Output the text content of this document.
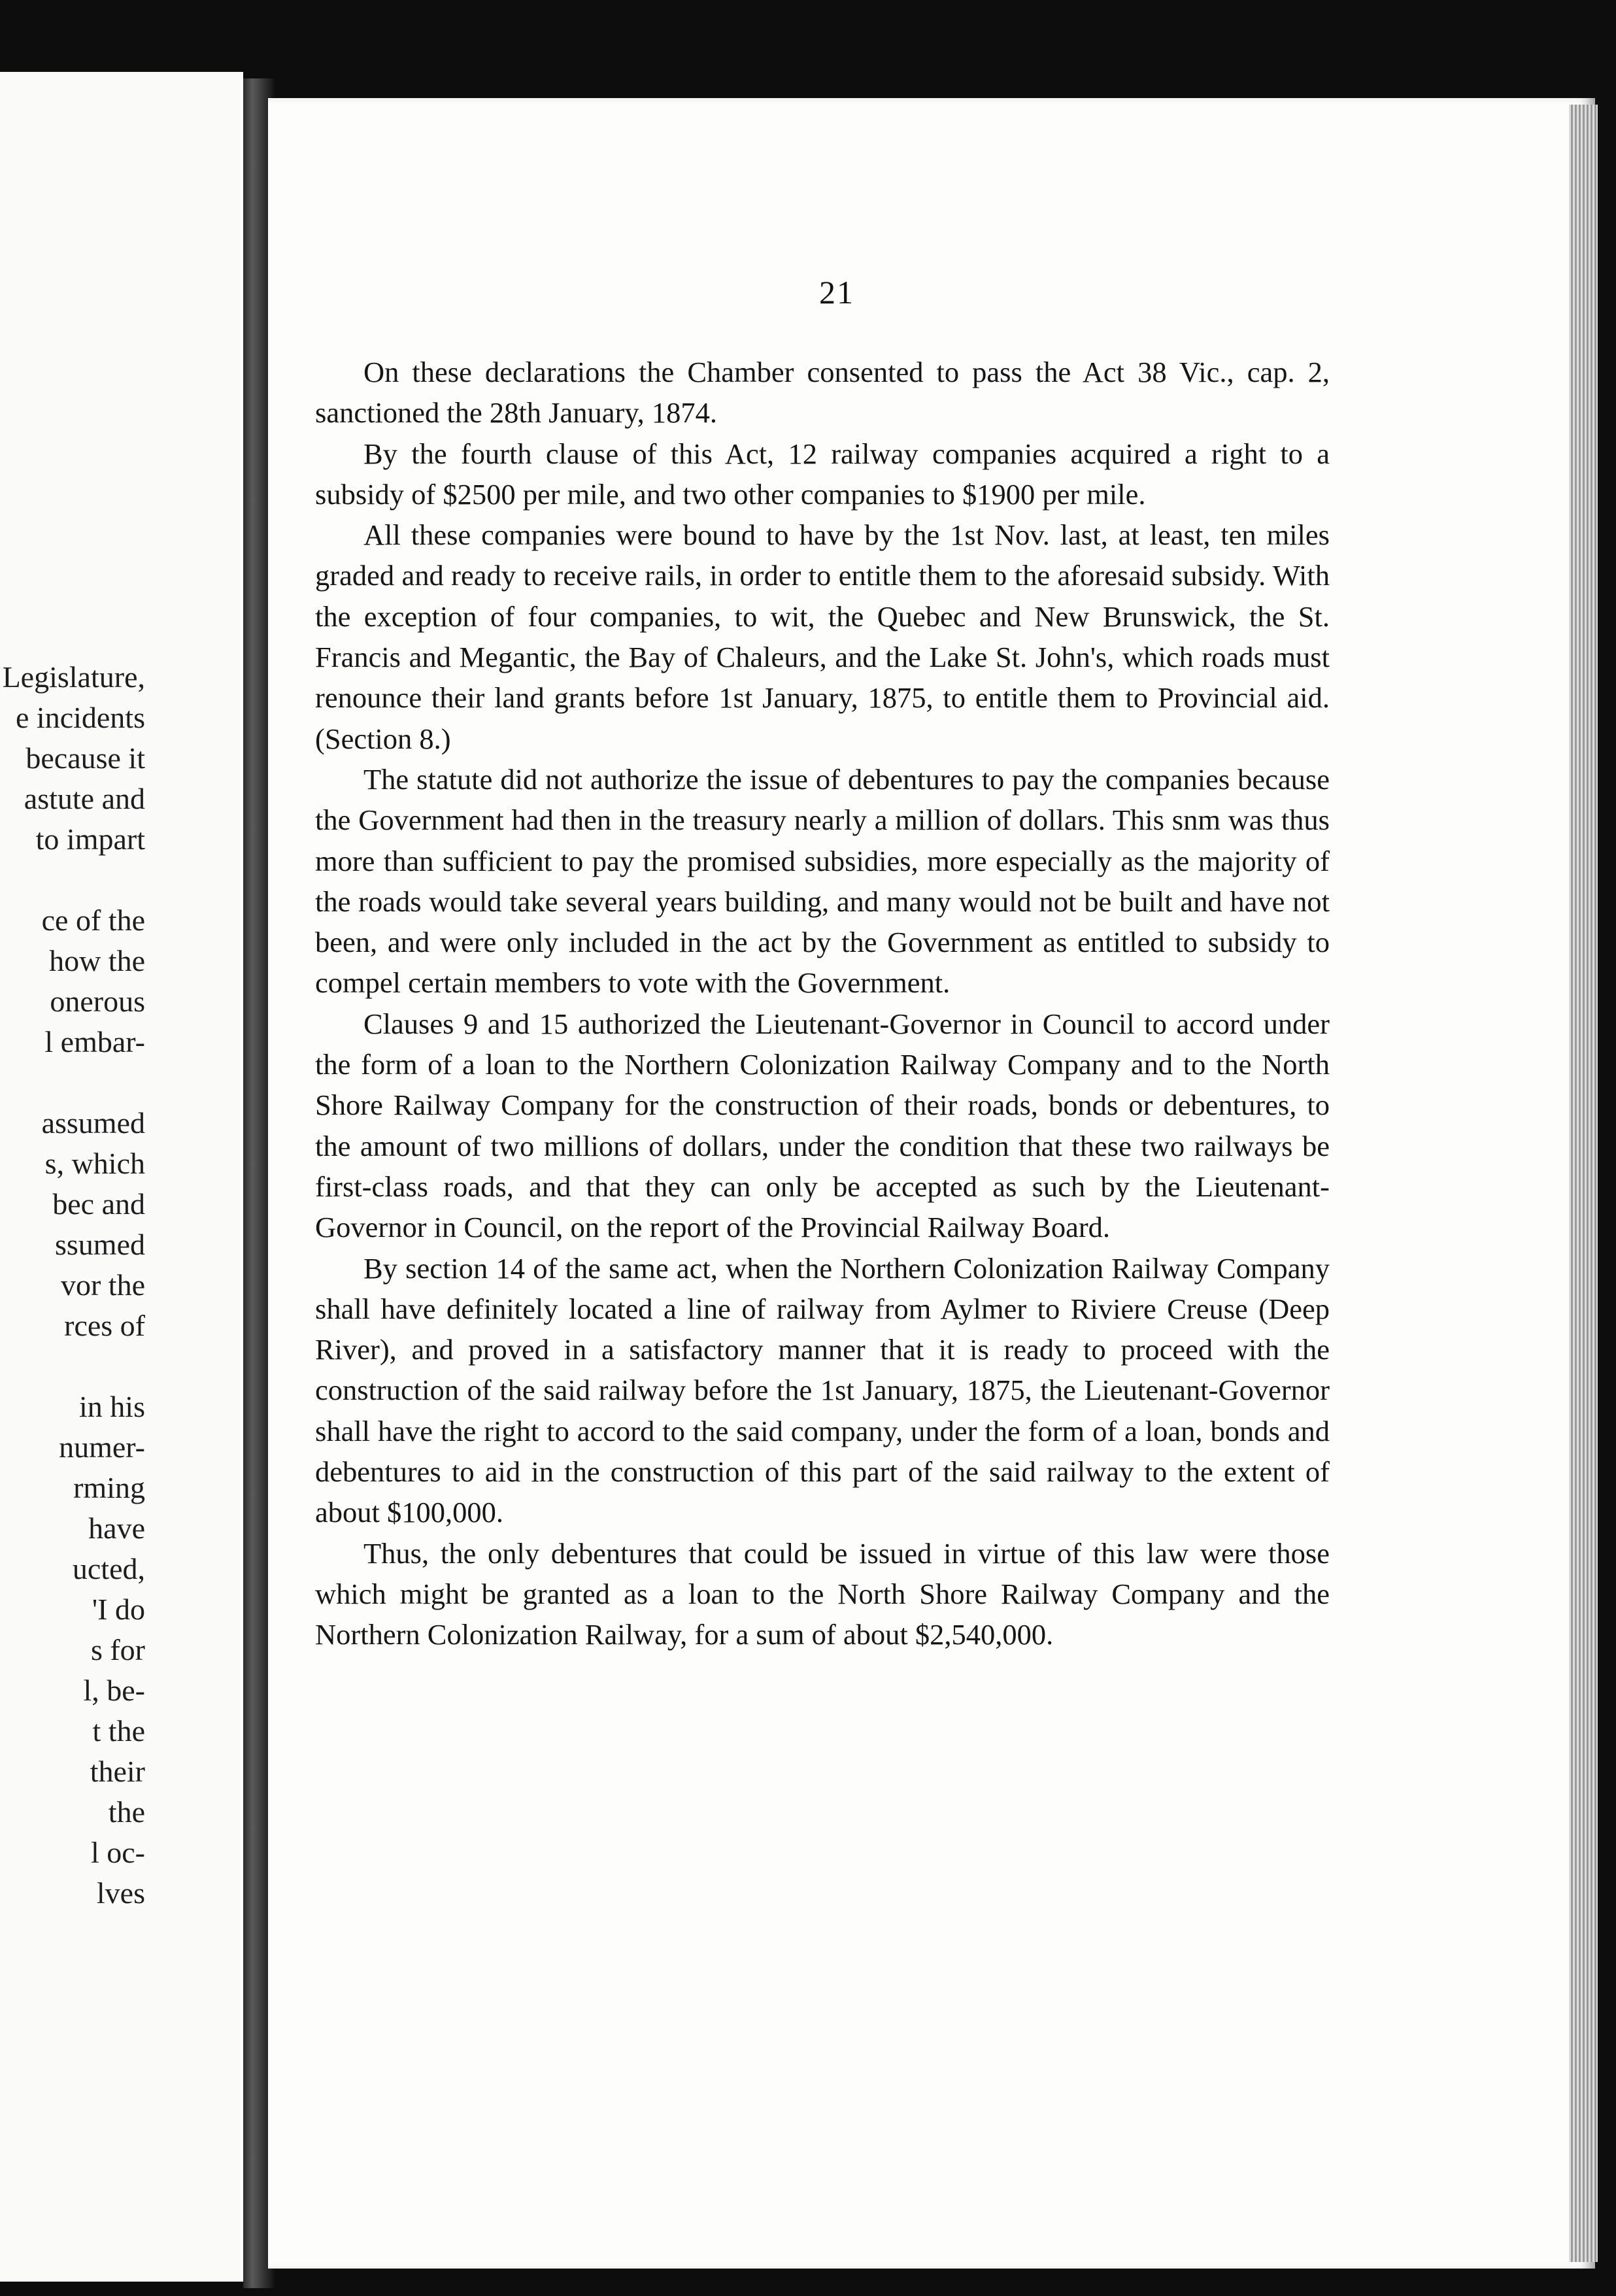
Legislature,
e incidents
because it
astute and
to impart
ce of the
how the
onerous
l embar-
assumed
s, which
bec and
ssumed
vor the
rces of
in his
numer-
rming
have
ucted,
'I do
s for
l, be-
t the
their
the
l oc-
lves
21

On these declarations the Chamber consented to pass the Act 38 Vic., cap. 2, sanctioned the 28th January, 1874.

By the fourth clause of this Act, 12 railway companies acquired a right to a subsidy of $2500 per mile, and two other companies to $1900 per mile.

All these companies were bound to have by the 1st Nov. last, at least, ten miles graded and ready to receive rails, in order to entitle them to the aforesaid subsidy. With the exception of four companies, to wit, the Quebec and New Brunswick, the St. Francis and Megantic, the Bay of Chaleurs, and the Lake St. John's, which roads must renounce their land grants before 1st January, 1875, to entitle them to Provincial aid. (Section 8.)

The statute did not authorize the issue of debentures to pay the companies because the Government had then in the treasury nearly a million of dollars. This snm was thus more than sufficient to pay the promised subsidies, more especially as the majority of the roads would take several years building, and many would not be built and have not been, and were only included in the act by the Government as entitled to subsidy to compel certain members to vote with the Government.

Clauses 9 and 15 authorized the Lieutenant-Governor in Council to accord under the form of a loan to the Northern Colonization Railway Company and to the North Shore Railway Company for the construction of their roads, bonds or debentures, to the amount of two millions of dollars, under the condition that these two railways be first-class roads, and that they can only be accepted as such by the Lieutenant-Governor in Council, on the report of the Provincial Railway Board.

By section 14 of the same act, when the Northern Colonization Railway Company shall have definitely located a line of railway from Aylmer to Riviere Creuse (Deep River), and proved in a satisfactory manner that it is ready to proceed with the construction of the said railway before the 1st January, 1875, the Lieutenant-Governor shall have the right to accord to the said company, under the form of a loan, bonds and debentures to aid in the construction of this part of the said railway to the extent of about $100,000.

Thus, the only debentures that could be issued in virtue of this law were those which might be granted as a loan to the North Shore Railway Company and the Northern Colonization Railway, for a sum of about $2,540,000.
